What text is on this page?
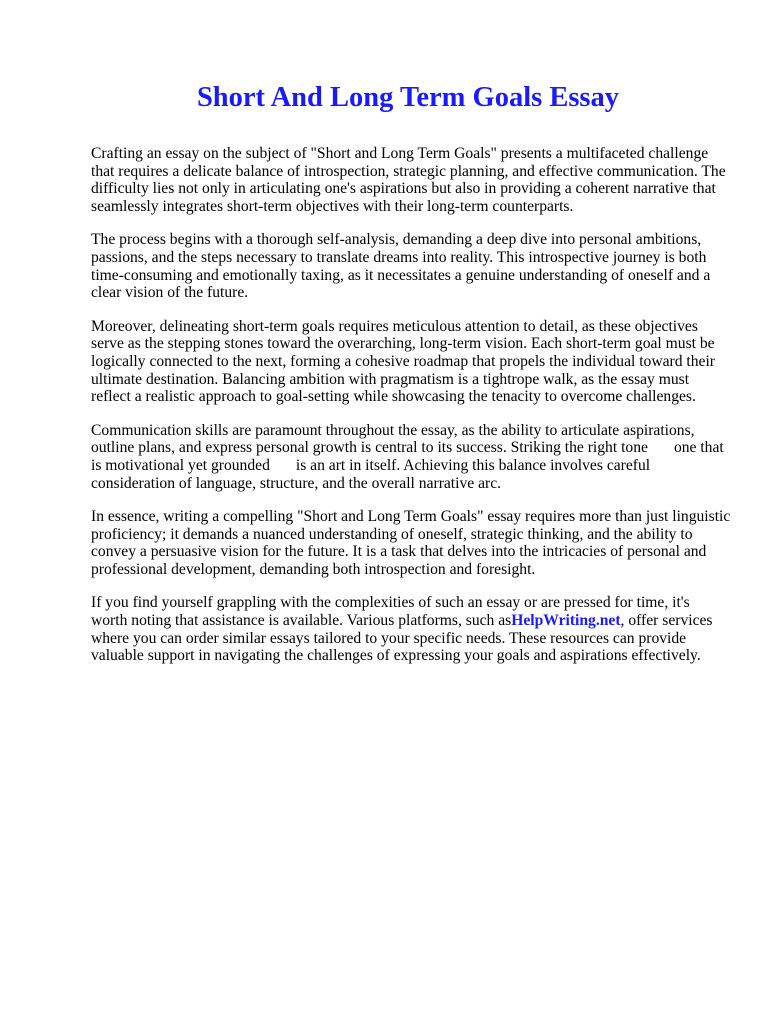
Short And Long Term Goals Essay

Crafting an essay on the subject of "Short and Long Term Goals" presents a multifaceted challenge
that requires a delicate balance of introspection, strategic planning, and effective communication. The
difficulty lies not only in articulating one's aspirations but also in providing a coherent narrative that
seamlessly integrates short-term objectives with their long-term counterparts.

The process begins with a thorough self-analysis, demanding a deep dive into personal ambitions,
passions, and the steps necessary to translate dreams into reality. This introspective journey is both
time-consuming and emotionally taxing, as it necessitates a genuine understanding of oneself and a
clear vision of the future.

Moreover, delineating short-term goals requires meticulous attention to detail, as these objectives
serve as the stepping stones toward the overarching, long-term vision. Each short-term goal must be
logically connected to the next, forming a cohesive roadmap that propels the individual toward their
ultimate destination. Balancing ambition with pragmatism is a tightrope walk, as the essay must
reflect a realistic approach to goal-setting while showcasing the tenacity to overcome challenges.

Communication skills are paramount throughout the essay, as the ability to articulate aspirations,
outline plans, and express personal growth is central to its success. Striking the right tone one that
is motivational yet grounded is an art in itself. Achieving this balance involves careful
consideration of language, structure, and the overall narrative arc.

In essence, writing a compelling "Short and Long Term Goals" essay requires more than just linguistic
proficiency; it demands a nuanced understanding of oneself, strategic thinking, and the ability to
convey a persuasive vision for the future. It is a task that delves into the intricacies of personal and
professional development, demanding both introspection and foresight.

If you find yourself grappling with the complexities of such an essay or are pressed for time, it's
worth noting that assistance is available. Various platforms, such asHelpWriting.net, offer services
where you can order similar essays tailored to your specific needs. These resources can provide
valuable support in navigating the challenges of expressing your goals and aspirations effectively.
